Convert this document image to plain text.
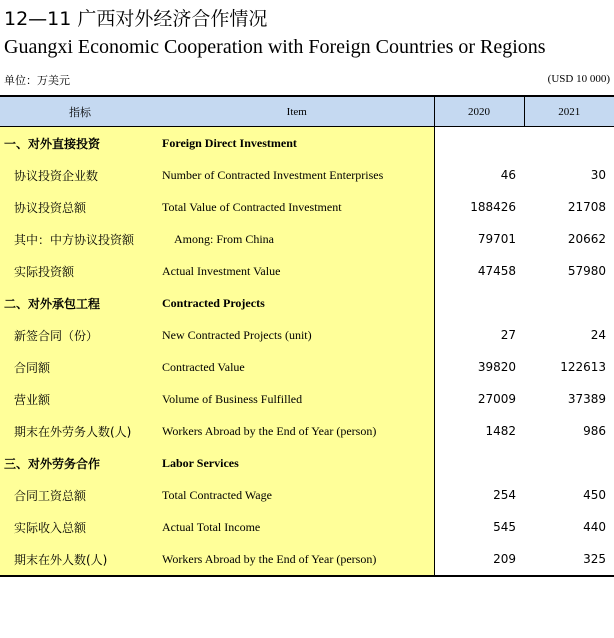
12—11 广西对外经济合作情况
Guangxi Economic Cooperation with Foreign Countries or Regions
单位：万美元	(USD 10 000)
指标	Item	2020	2021
一、对外直接投资	Foreign Direct Investment		
协议投资企业数	Number of Contracted Investment Enterprises	46	30
协议投资总额	Total Value of Contracted Investment	188426	21708
其中：中方协议投资额	Among: From China	79701	20662
实际投资额	Actual Investment Value	47458	57980
二、对外承包工程	Contracted Projects		
新签合同（份）	New Contracted Projects (unit)	27	24
合同额	Contracted Value	39820	122613
营业额	Volume of Business Fulfilled	27009	37389
期末在外劳务人数(人)	Workers Abroad by the End of Year (person)	1482	986
三、对外劳务合作	Labor Services		
合同工资总额	Total Contracted Wage	254	450
实际收入总额	Actual Total Income	545	440
期末在外人数(人)	Workers Abroad by the End of Year (person)	209	325
